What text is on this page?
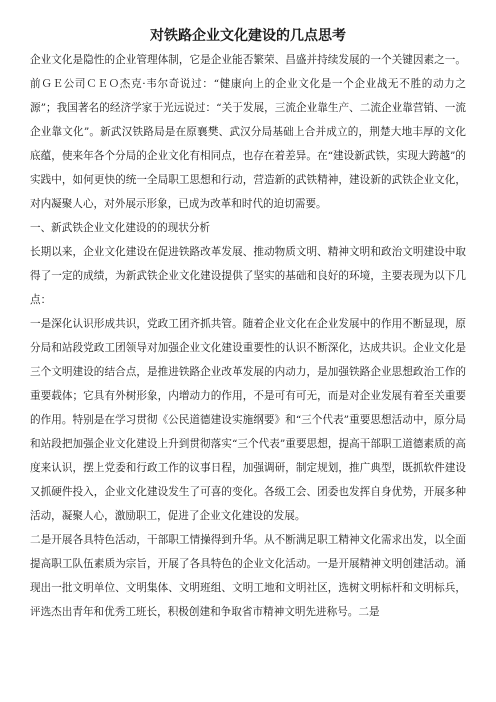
对铁路企业文化建设的几点思考

企业文化是隐性的企业管理体制，它是企业能否繁荣、昌盛并持续发展的一个关键因素之一。前ＧＥ公司ＣＥＯ杰克·韦尔奇说过：“健康向上的企业文化是一个企业战无不胜的动力之源”；我国著名的经济学家于光远说过：“关于发展，三流企业靠生产、二流企业靠营销、一流企业靠文化”。新武汉铁路局是在原襄樊、武汉分局基础上合并成立的，荆楚大地丰厚的文化底蕴，使来年各个分局的企业文化有相同点，也存在着差异。在“建设新武铁，实现大跨越”的实践中，如何更快的统一全局职工思想和行动，营造新的武铁精神，建设新的武铁企业文化，对内凝聚人心，对外展示形象，已成为改革和时代的迫切需要。

一、新武铁企业文化建设的的现状分析

长期以来，企业文化建设在促进铁路改革发展、推动物质文明、精神文明和政治文明建设中取得了一定的成绩，为新武铁企业文化建设提供了坚实的基础和良好的环境，主要表现为以下几点：

一是深化认识形成共识，党政工团齐抓共管。随着企业文化在企业发展中的作用不断显现，原分局和站段党政工团领导对加强企业文化建设重要性的认识不断深化，达成共识。企业文化是三个文明建设的结合点，是推进铁路企业改革发展的内动力，是加强铁路企业思想政治工作的重要载体；它具有外树形象，内增动力的作用，不是可有可无，而是对企业发展有着至关重要的作用。特别是在学习贯彻《公民道德建设实施纲要》和“三个代表”重要思想活动中，原分局和站段把加强企业文化建设上升到贯彻落实“三个代表”重要思想，提高干部职工道德素质的高度来认识，摆上党委和行政工作的议事日程，加强调研，制定规划，推广典型，既抓软件建设又抓硬件投入，企业文化建设发生了可喜的变化。各级工会、团委也发挥自身优势，开展多种活动，凝聚人心，激励职工，促进了企业文化建设的发展。

二是开展各具特色活动，干部职工情操得到升华。从不断满足职工精神文化需求出发，以全面提高职工队伍素质为宗旨，开展了各具特色的企业文化活动。一是开展精神文明创建活动。涌现出一批文明单位、文明集体、文明班组、文明工地和文明社区，选树文明标杆和文明标兵，评选杰出青年和优秀工班长，积极创建和争取省市精神文明先进称号。二是
